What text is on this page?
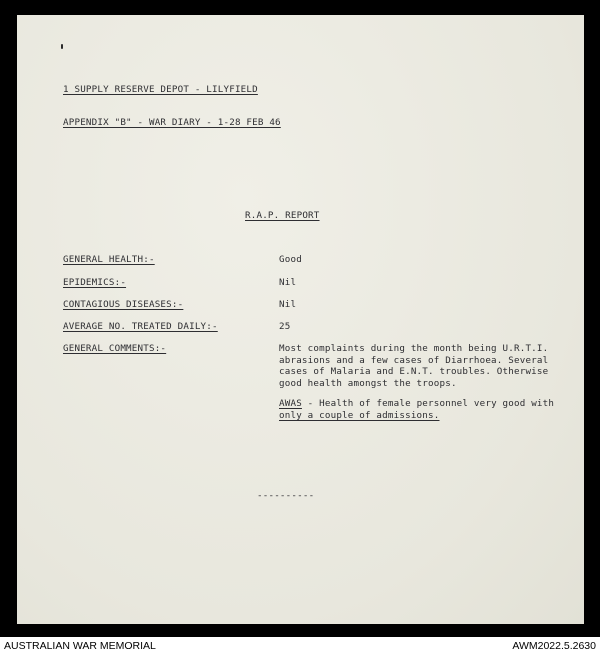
1 SUPPLY RESERVE DEPOT - LILYFIELD
APPENDIX "B" - WAR DIARY - 1-28 FEB 46
R.A.P. REPORT
GENERAL HEALTH:-	Good
EPIDEMICS:-	Nil
CONTAGIOUS DISEASES:-	Nil
AVERAGE NO. TREATED DAILY:-	25
GENERAL COMMENTS:-	Most complaints during the month being U.R.T.I.
abrasions and a few cases of Diarrhoea. Several
cases of Malaria and E.N.T. troubles. Otherwise
good health amongst the troops.

AWAS - Health of female personnel very good with
only a couple of admissions.

----------
AUSTRALIAN WAR MEMORIAL	AWM2022.5.2630
